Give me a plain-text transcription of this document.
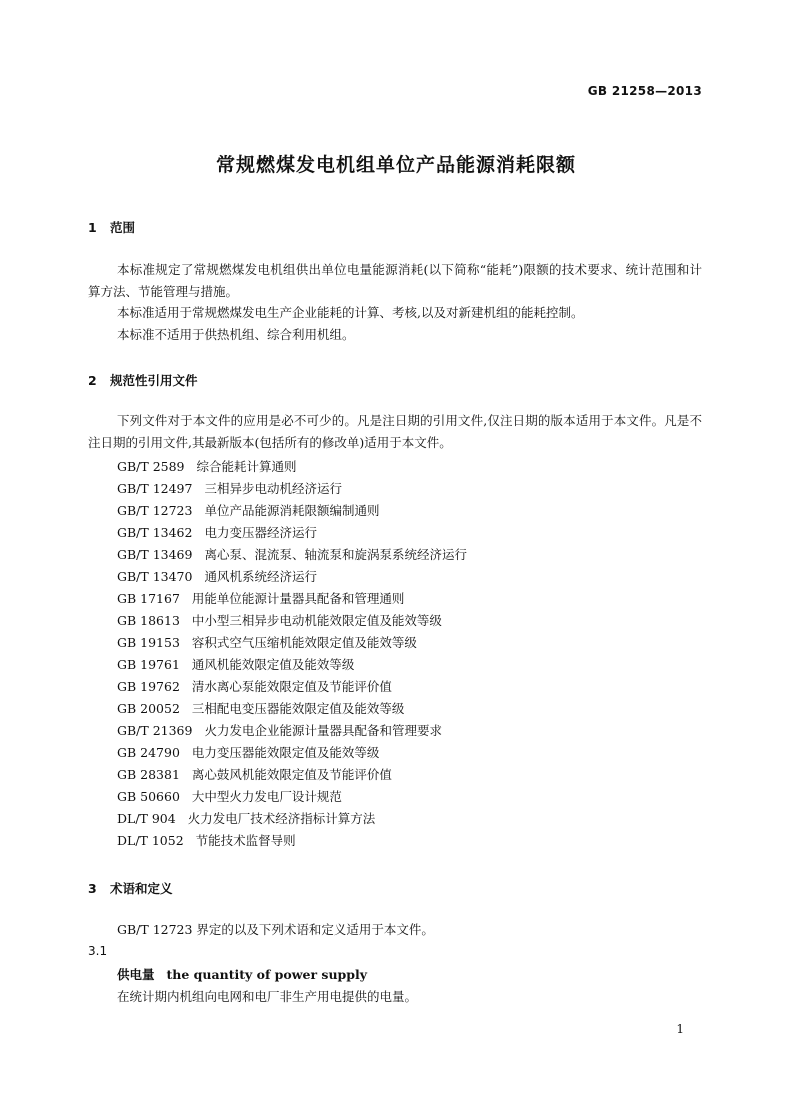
GB 21258—2013
常规燃煤发电机组单位产品能源消耗限额
1 范围
本标准规定了常规燃煤发电机组供出单位电量能源消耗(以下简称“能耗”)限额的技术要求、统计范围和计算方法、节能管理与措施。
本标准适用于常规燃煤发电生产企业能耗的计算、考核,以及对新建机组的能耗控制。
本标准不适用于供热机组、综合利用机组。
2 规范性引用文件
下列文件对于本文件的应用是必不可少的。凡是注日期的引用文件,仅注日期的版本适用于本文件。凡是不注日期的引用文件,其最新版本(包括所有的修改单)适用于本文件。
GB/T 2589 综合能耗计算通则
GB/T 12497 三相异步电动机经济运行
GB/T 12723 单位产品能源消耗限额编制通则
GB/T 13462 电力变压器经济运行
GB/T 13469 离心泵、混流泵、轴流泵和旋涡泵系统经济运行
GB/T 13470 通风机系统经济运行
GB 17167 用能单位能源计量器具配备和管理通则
GB 18613 中小型三相异步电动机能效限定值及能效等级
GB 19153 容积式空气压缩机能效限定值及能效等级
GB 19761 通风机能效限定值及能效等级
GB 19762 清水离心泵能效限定值及节能评价值
GB 20052 三相配电变压器能效限定值及能效等级
GB/T 21369 火力发电企业能源计量器具配备和管理要求
GB 24790 电力变压器能效限定值及能效等级
GB 28381 离心鼓风机能效限定值及节能评价值
GB 50660 大中型火力发电厂设计规范
DL/T 904 火力发电厂技术经济指标计算方法
DL/T 1052 节能技术监督导则
3 术语和定义
GB/T 12723 界定的以及下列术语和定义适用于本文件。
3.1
供电量 the quantity of power supply
在统计期内机组向电网和电厂非生产用电提供的电量。
1
